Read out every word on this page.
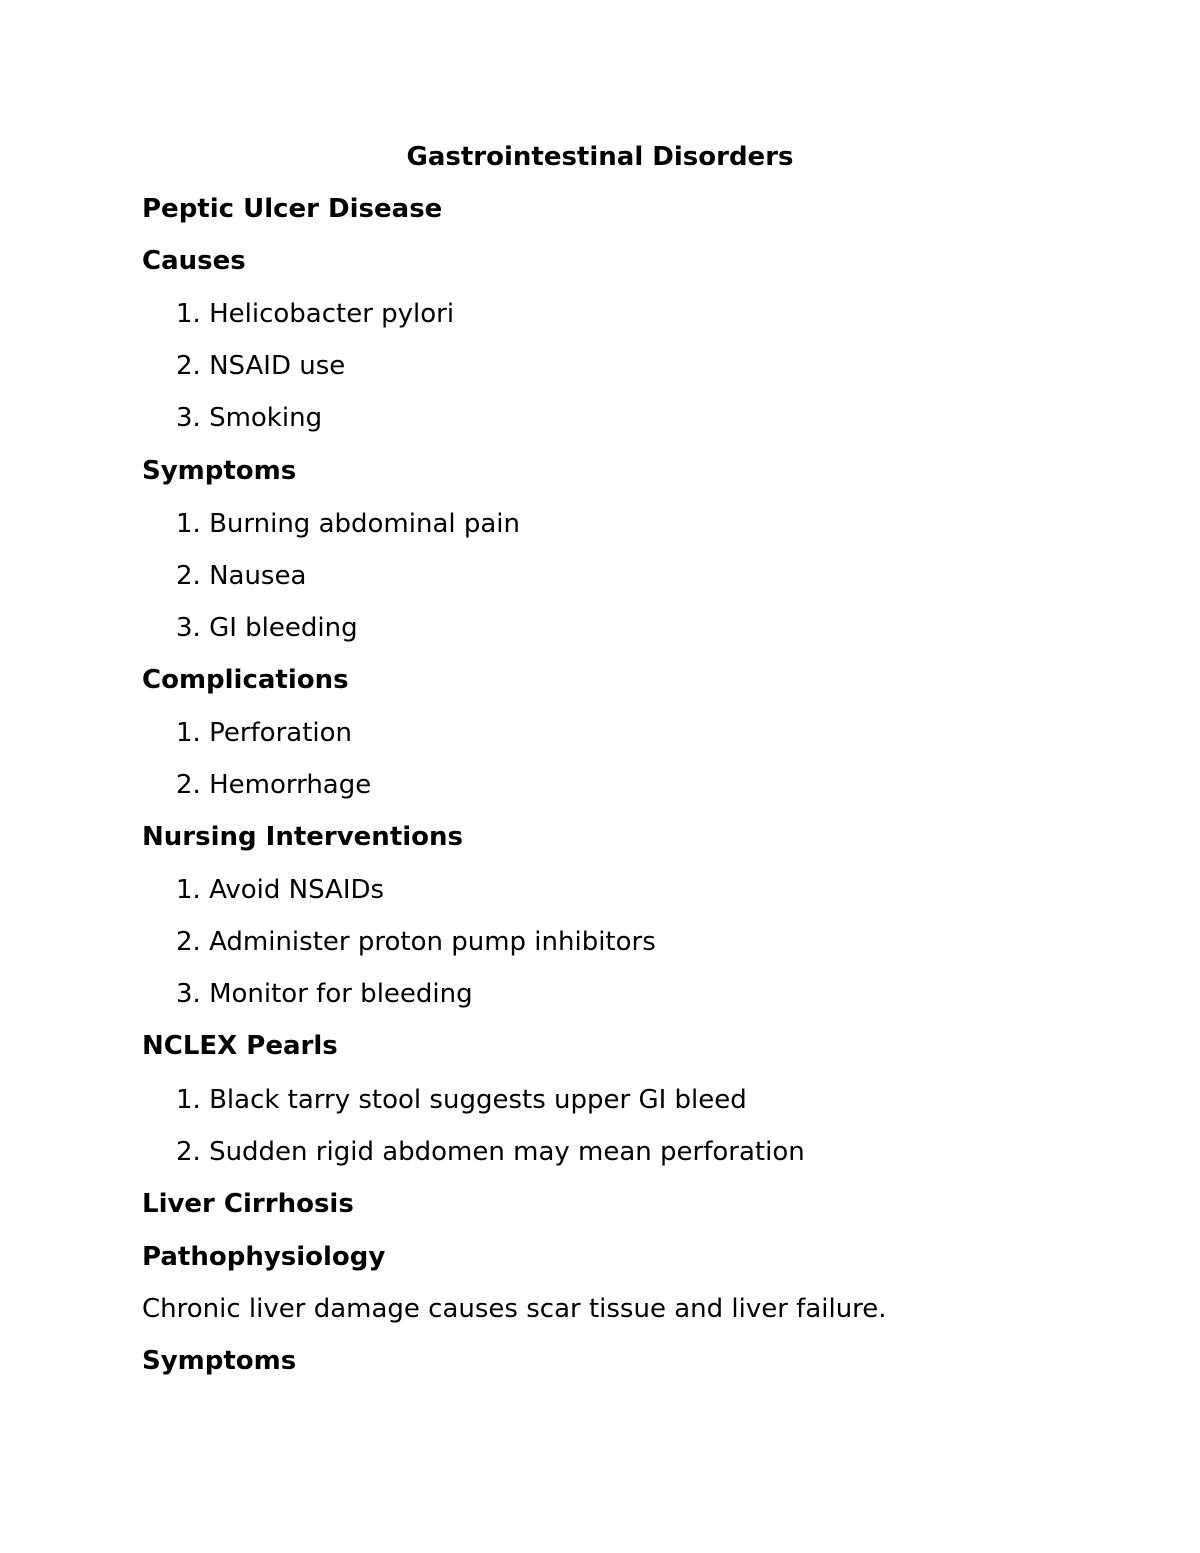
Gastrointestinal Disorders
Peptic Ulcer Disease
Causes
1. Helicobacter pylori
2. NSAID use
3. Smoking
Symptoms
1. Burning abdominal pain
2. Nausea
3. GI bleeding
Complications
1. Perforation
2. Hemorrhage
Nursing Interventions
1. Avoid NSAIDs
2. Administer proton pump inhibitors
3. Monitor for bleeding
NCLEX Pearls
1. Black tarry stool suggests upper GI bleed
2. Sudden rigid abdomen may mean perforation
Liver Cirrhosis
Pathophysiology
Chronic liver damage causes scar tissue and liver failure.
Symptoms
